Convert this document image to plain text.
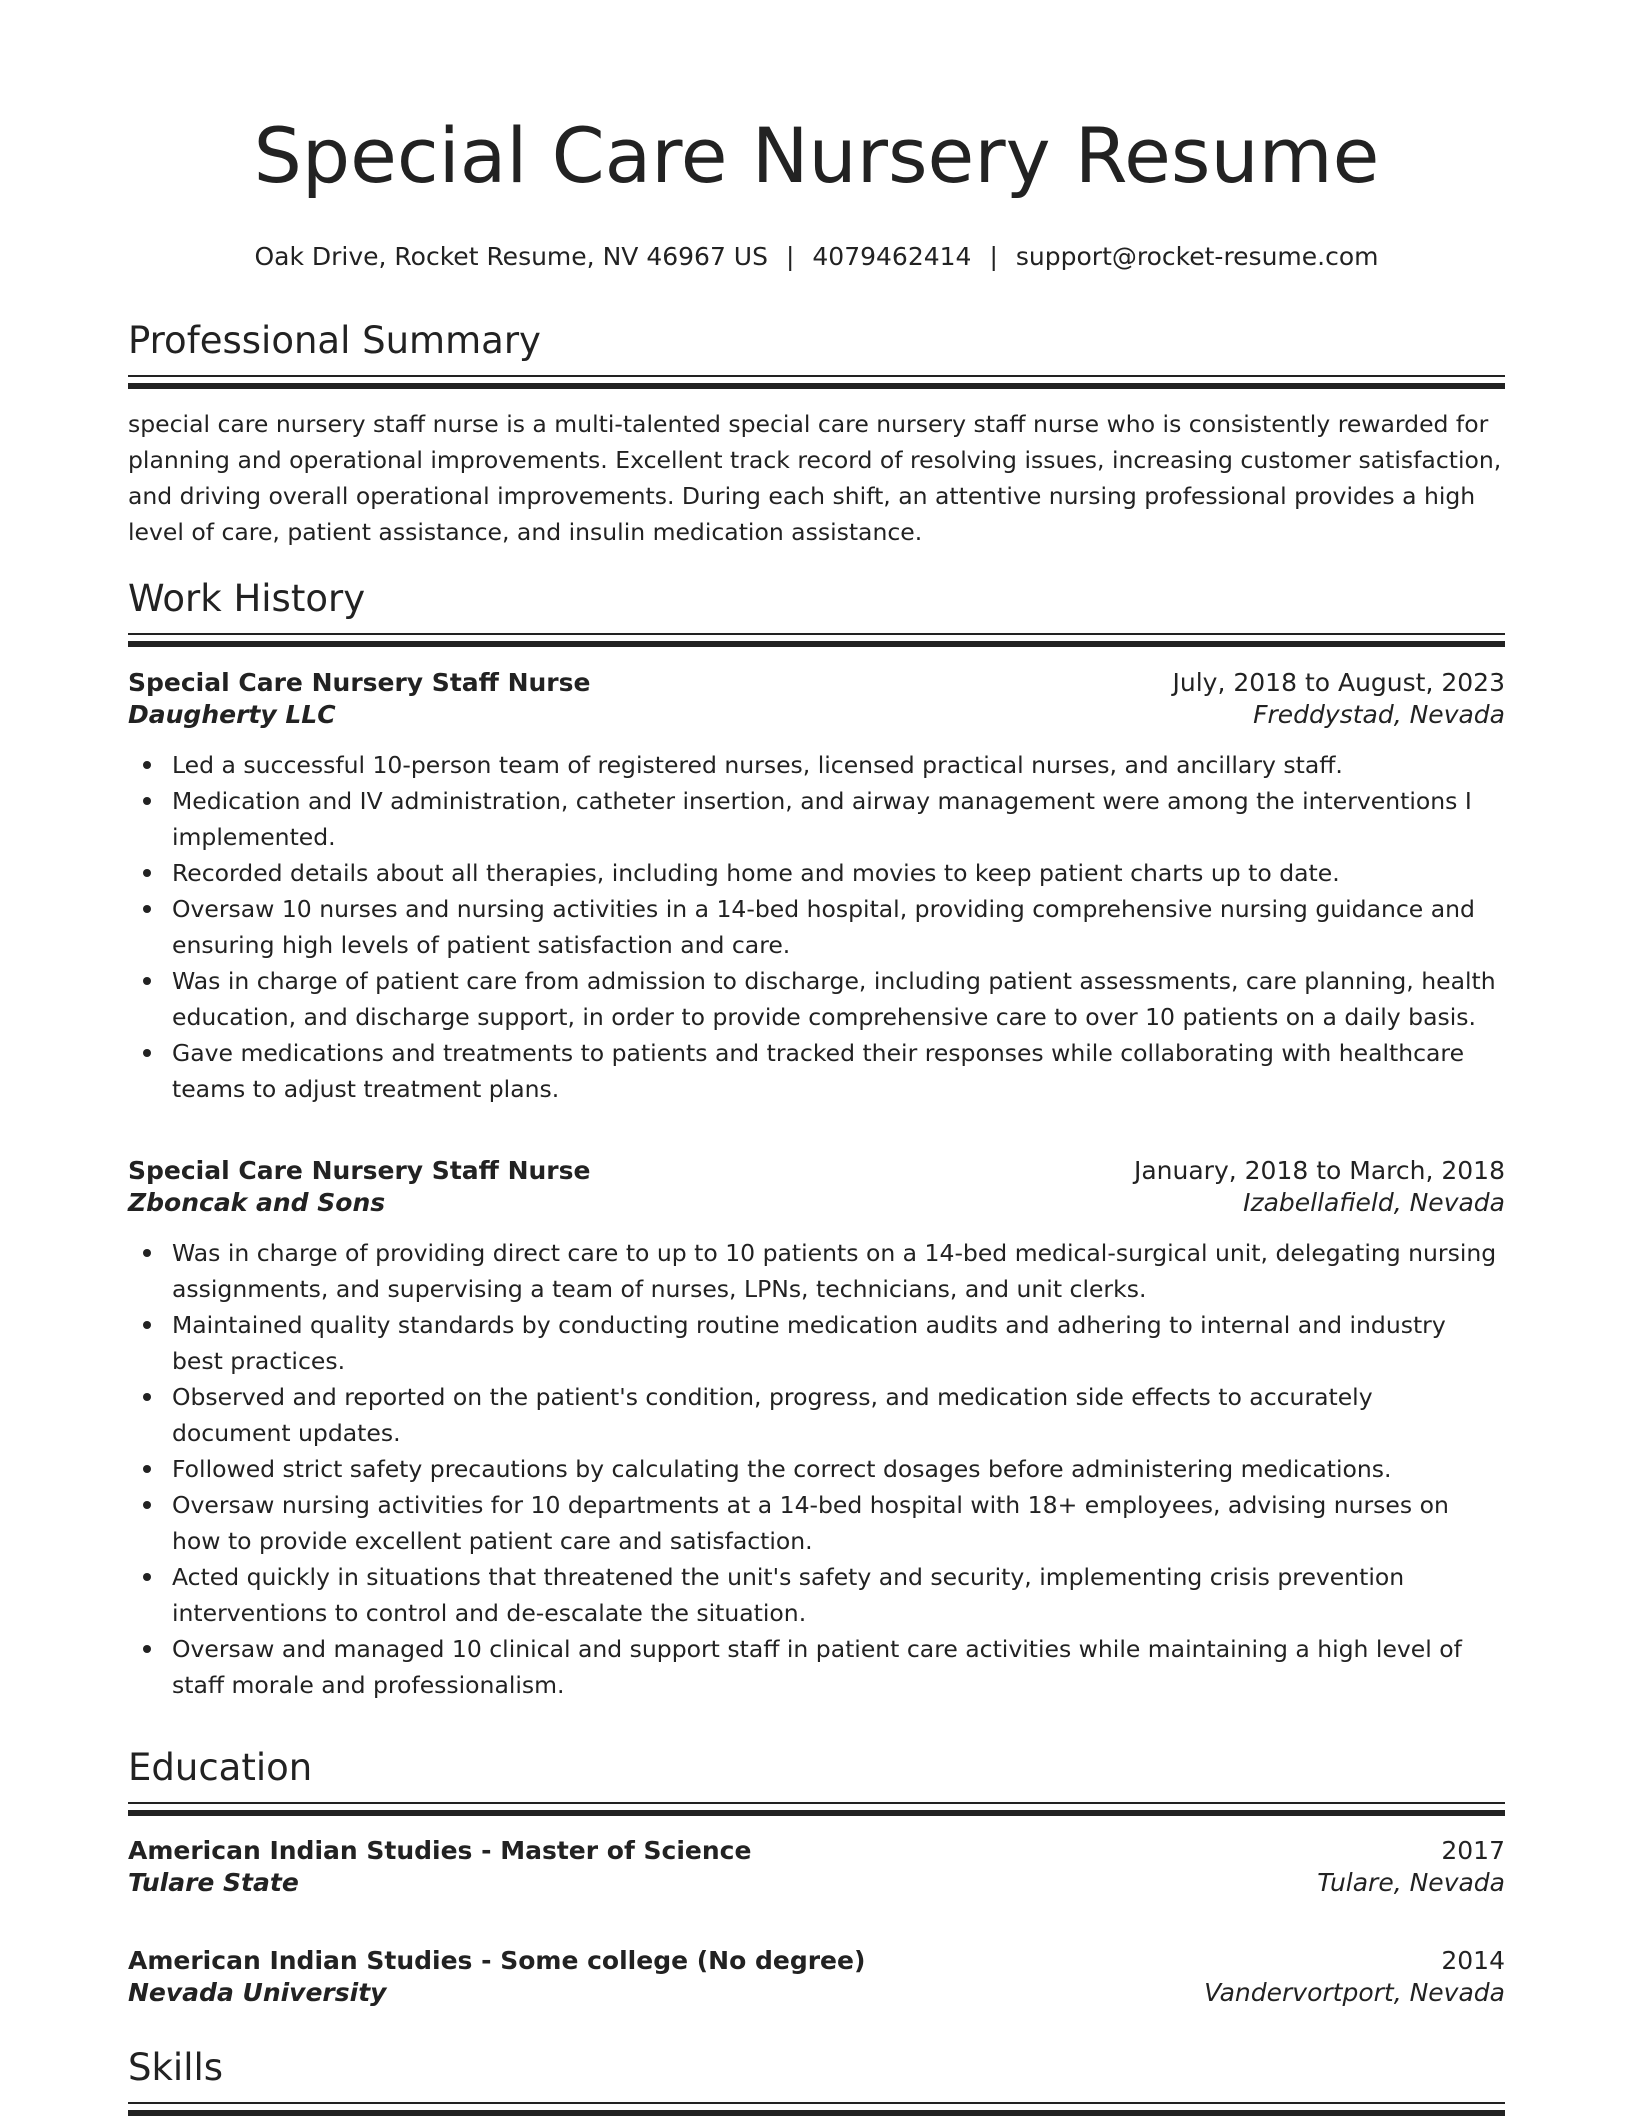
Special Care Nursery Resume
Oak Drive, Rocket Resume, NV 46967 US | 4079462414 | support@rocket-resume.com
Professional Summary
special care nursery staff nurse is a multi-talented special care nursery staff nurse who is consistently rewarded for planning and operational improvements. Excellent track record of resolving issues, increasing customer satisfaction, and driving overall operational improvements. During each shift, an attentive nursing professional provides a high level of care, patient assistance, and insulin medication assistance.
Work History
Special Care Nursery Staff Nurse	July, 2018 to August, 2023
Daugherty LLC	Freddystad, Nevada
Led a successful 10-person team of registered nurses, licensed practical nurses, and ancillary staff.
Medication and IV administration, catheter insertion, and airway management were among the interventions I implemented.
Recorded details about all therapies, including home and movies to keep patient charts up to date.
Oversaw 10 nurses and nursing activities in a 14-bed hospital, providing comprehensive nursing guidance and ensuring high levels of patient satisfaction and care.
Was in charge of patient care from admission to discharge, including patient assessments, care planning, health education, and discharge support, in order to provide comprehensive care to over 10 patients on a daily basis.
Gave medications and treatments to patients and tracked their responses while collaborating with healthcare teams to adjust treatment plans.
Special Care Nursery Staff Nurse	January, 2018 to March, 2018
Zboncak and Sons	Izabellafield, Nevada
Was in charge of providing direct care to up to 10 patients on a 14-bed medical-surgical unit, delegating nursing assignments, and supervising a team of nurses, LPNs, technicians, and unit clerks.
Maintained quality standards by conducting routine medication audits and adhering to internal and industry best practices.
Observed and reported on the patient's condition, progress, and medication side effects to accurately document updates.
Followed strict safety precautions by calculating the correct dosages before administering medications.
Oversaw nursing activities for 10 departments at a 14-bed hospital with 18+ employees, advising nurses on how to provide excellent patient care and satisfaction.
Acted quickly in situations that threatened the unit's safety and security, implementing crisis prevention interventions to control and de-escalate the situation.
Oversaw and managed 10 clinical and support staff in patient care activities while maintaining a high level of staff morale and professionalism.
Education
American Indian Studies - Master of Science	2017
Tulare State	Tulare, Nevada
American Indian Studies - Some college (No degree)	2014
Nevada University	Vandervortport, Nevada
Skills
